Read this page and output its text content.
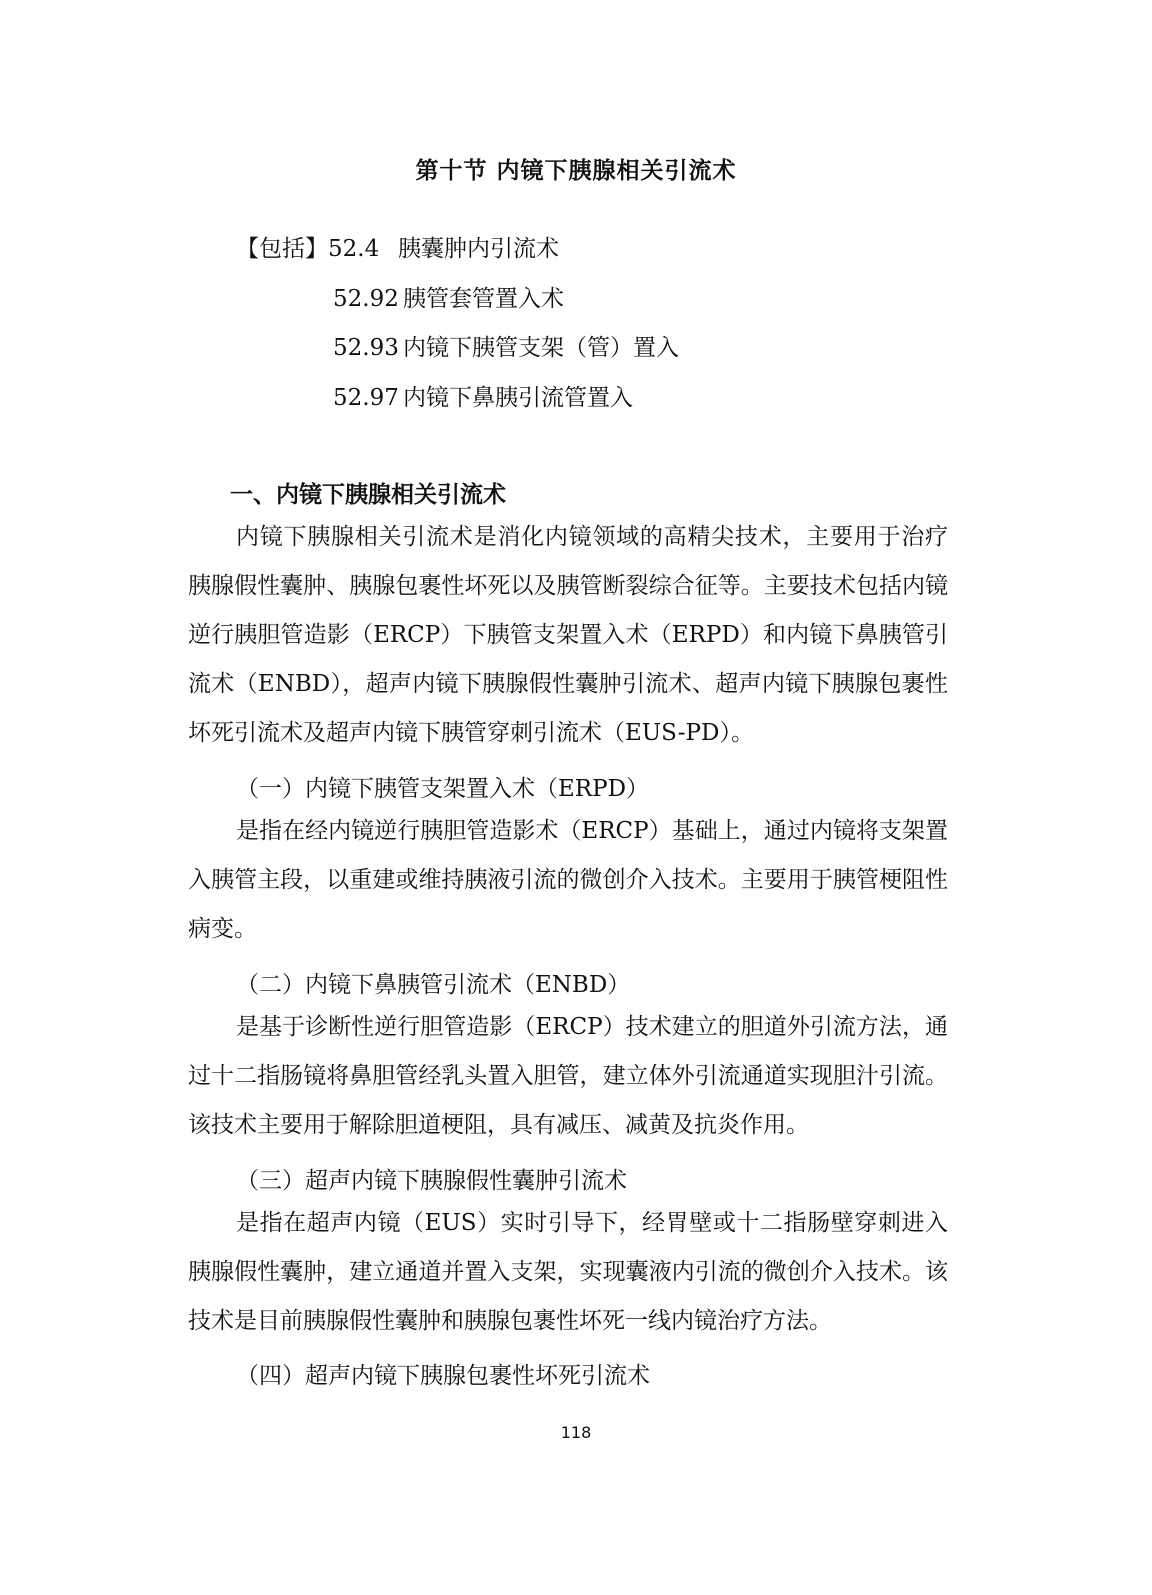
第十节 内镜下胰腺相关引流术
【包括】52.4 胰囊肿内引流术
52.92 胰管套管置入术
52.93 内镜下胰管支架（管）置入
52.97 内镜下鼻胰引流管置入
一、内镜下胰腺相关引流术

内镜下胰腺相关引流术是消化内镜领域的高精尖技术，主要用于治疗胰腺假性囊肿、胰腺包裹性坏死以及胰管断裂综合征等。主要技术包括内镜逆行胰胆管造影（ERCP）下胰管支架置入术（ERPD）和内镜下鼻胰管引流术（ENBD），超声内镜下胰腺假性囊肿引流术、超声内镜下胰腺包裹性坏死引流术及超声内镜下胰管穿刺引流术（EUS-PD）。

（一）内镜下胰管支架置入术（ERPD）

是指在经内镜逆行胰胆管造影术（ERCP）基础上，通过内镜将支架置入胰管主段，以重建或维持胰液引流的微创介入技术。主要用于胰管梗阻性病变。

（二）内镜下鼻胰管引流术（ENBD）

是基于诊断性逆行胆管造影（ERCP）技术建立的胆道外引流方法，通过十二指肠镜将鼻胆管经乳头置入胆管，建立体外引流通道实现胆汁引流。 该技术主要用于解除胆道梗阻，具有减压、减黄及抗炎作用。

（三）超声内镜下胰腺假性囊肿引流术

是指在超声内镜（EUS）实时引导下，经胃壁或十二指肠壁穿刺进入胰腺假性囊肿，建立通道并置入支架，实现囊液内引流的微创介入技术。该技术是目前胰腺假性囊肿和胰腺包裹性坏死一线内镜治疗方法。

（四）超声内镜下胰腺包裹性坏死引流术
118
